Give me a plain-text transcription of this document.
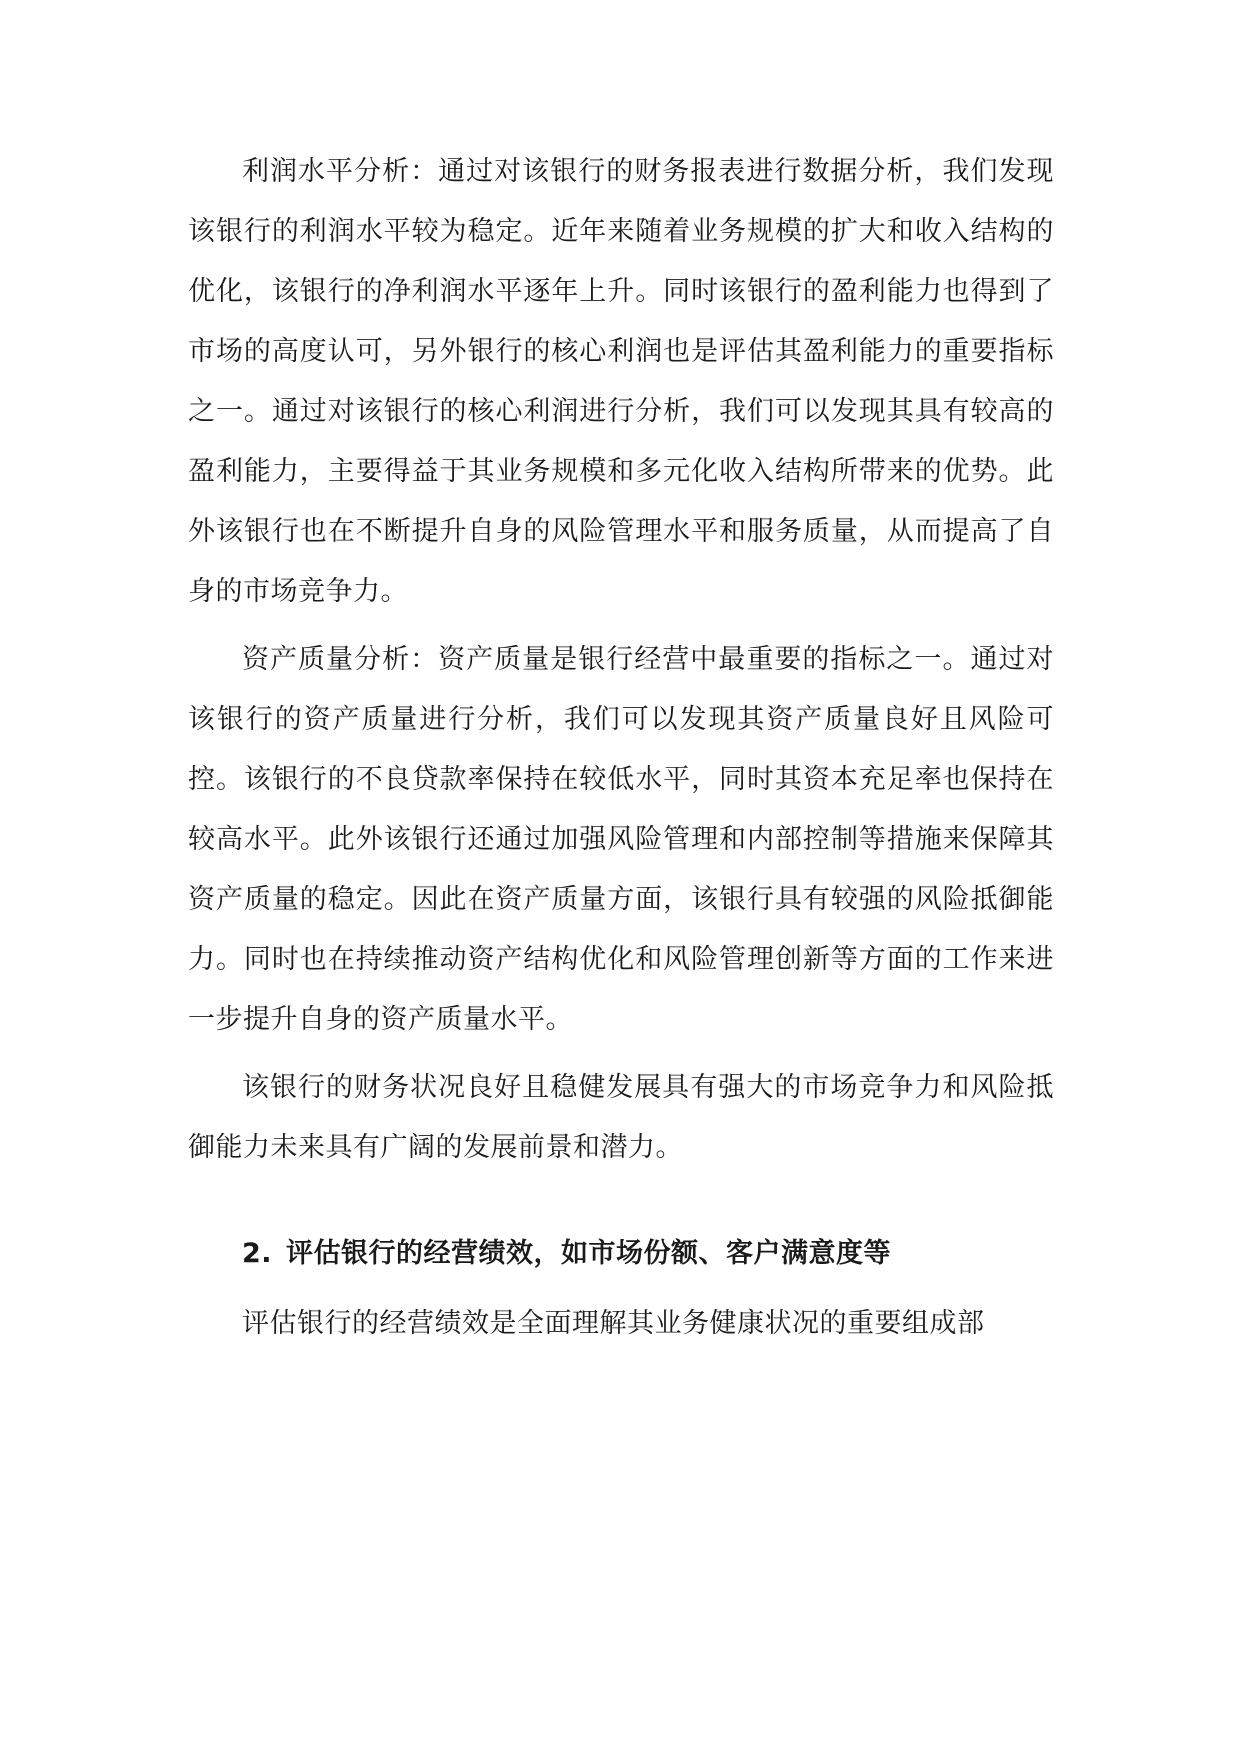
利润水平分析：通过对该银行的财务报表进行数据分析，我们发现该银行的利润水平较为稳定。近年来随着业务规模的扩大和收入结构的优化，该银行的净利润水平逐年上升。同时该银行的盈利能力也得到了市场的高度认可，另外银行的核心利润也是评估其盈利能力的重要指标之一。通过对该银行的核心利润进行分析，我们可以发现其具有较高的盈利能力，主要得益于其业务规模和多元化收入结构所带来的优势。此外该银行也在不断提升自身的风险管理水平和服务质量，从而提高了自身的市场竞争力。

资产质量分析：资产质量是银行经营中最重要的指标之一。通过对该银行的资产质量进行分析，我们可以发现其资产质量良好且风险可控。该银行的不良贷款率保持在较低水平，同时其资本充足率也保持在较高水平。此外该银行还通过加强风险管理和内部控制等措施来保障其资产质量的稳定。因此在资产质量方面，该银行具有较强的风险抵御能力。同时也在持续推动资产结构优化和风险管理创新等方面的工作来进一步提升自身的资产质量水平。

该银行的财务状况良好且稳健发展具有强大的市场竞争力和风险抵御能力未来具有广阔的发展前景和潜力。

2. 评估银行的经营绩效，如市场份额、客户满意度等

评估银行的经营绩效是全面理解其业务健康状况的重要组成部
